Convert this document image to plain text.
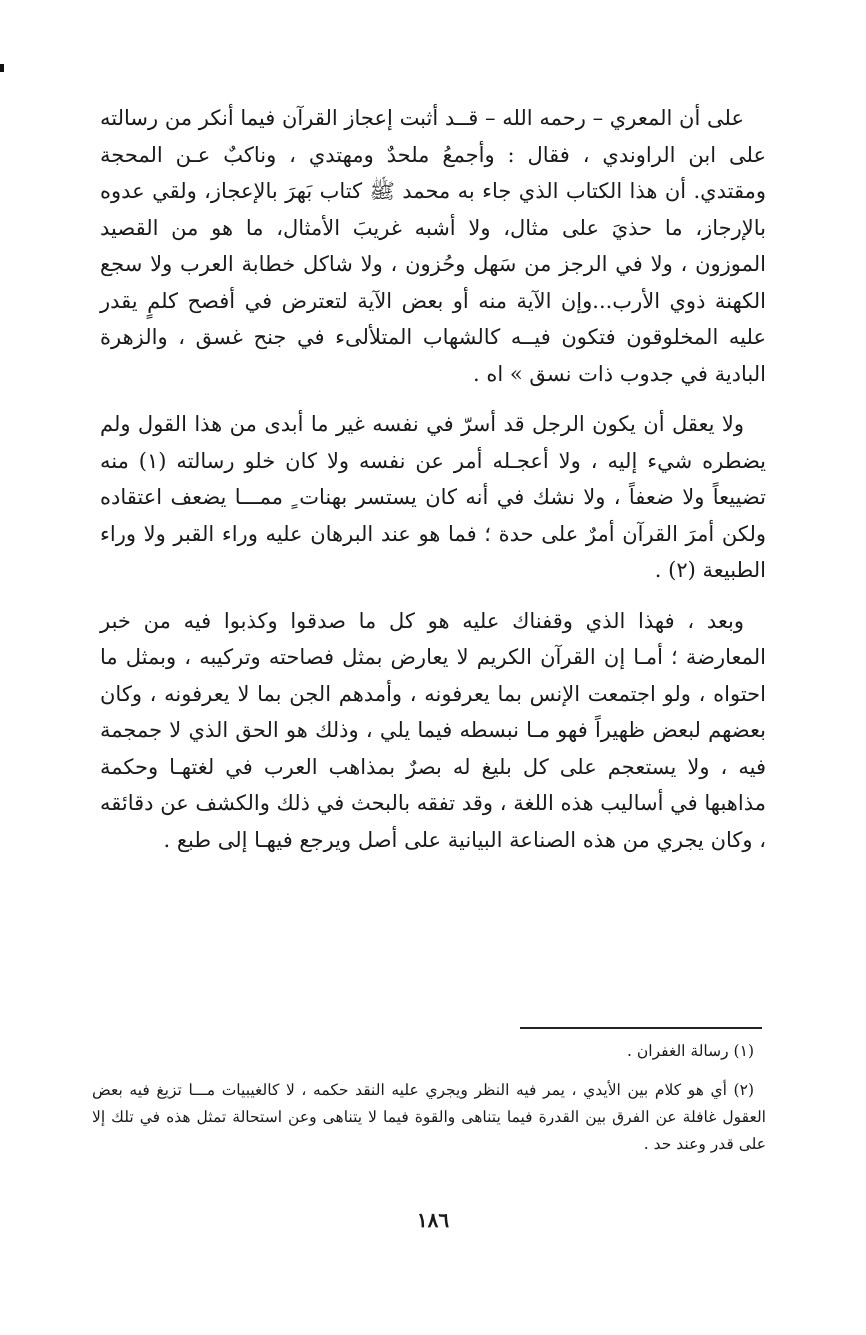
على أن المعري – رحمه الله – قــد أثبت إعجاز القرآن فيما أنكر من رسالته على ابن الراوندي ، فقال : وأجمعُ ملحدٌ ومهتدي ، وناكبٌ عـن المحجة ومقتدي. أن هذا الكتاب الذي جاء به محمد ﷺ كتاب بَهرَ بالإعجاز، ولقي عدوه بالإرجاز، ما حذيَ على مثال، ولا أشبه غريبَ الأمثال، ما هو من القصيد الموزون ، ولا في الرجز من سَهل وحُزون ، ولا شاكل خطابة العرب ولا سجع الكهنة ذوي الأرب...وإن الآية منه أو بعض الآية لتعترض في أفصح كلمٍ يقدر عليه المخلوقون فتكون فيــه كالشهاب المتلألىء في جنح غسق ، والزهرة البادية في جدوب ذات نسق » اه .

ولا يعقل أن يكون الرجل قد أسرّ في نفسه غير ما أبدى من هذا القول ولم يضطره شيء إليه ، ولا أعجـله أمر عن نفسه ولا كان خلو رسالته (١) منه تضييعاً ولا ضعفاً ، ولا نشك في أنه كان يستسر بهنات ٍ ممـــا يضعف اعتقاده ولكن أمرَ القرآن أمرٌ على حدة ؛ فما هو عند البرهان عليه وراء القبر ولا وراء الطبيعة (٢) .

وبعد ، فهذا الذي وقفناك عليه هو كل ما صدقوا وكذبوا فيه من خبر المعارضة ؛ أمـا إن القرآن الكريم لا يعارض بمثل فصاحته وتركيبه ، وبمثل ما احتواه ، ولو اجتمعت الإنس بما يعرفونه ، وأمدهم الجن بما لا يعرفونه ، وكان بعضهم لبعض ظهيراً فهو مـا نبسطه فيما يلي ، وذلك هو الحق الذي لا جمجمة فيه ، ولا يستعجم على كل بليغ له بصرٌ بمذاهب العرب في لغتهـا وحكمة مذاهبها في أساليب هذه اللغة ، وقد تفقه بالبحث في ذلك والكشف عن دقائقه ، وكان يجري من هذه الصناعة البيانية على أصل ويرجع فيهـا إلى طبع .

(١) رسالة الغفران .

(٢) أي هو كلام بين الأيدي ، يمر فيه النظر ويجري عليه النقد حكمه ، لا كالغيبيات مـــا تزيغ فيه بعض العقول غافلة عن الفرق بين القدرة فيما يتناهى والقوة فيما لا يتناهى وعن استحالة تمثل هذه في تلك إلا على قدر وعند حد .

١٨٦
